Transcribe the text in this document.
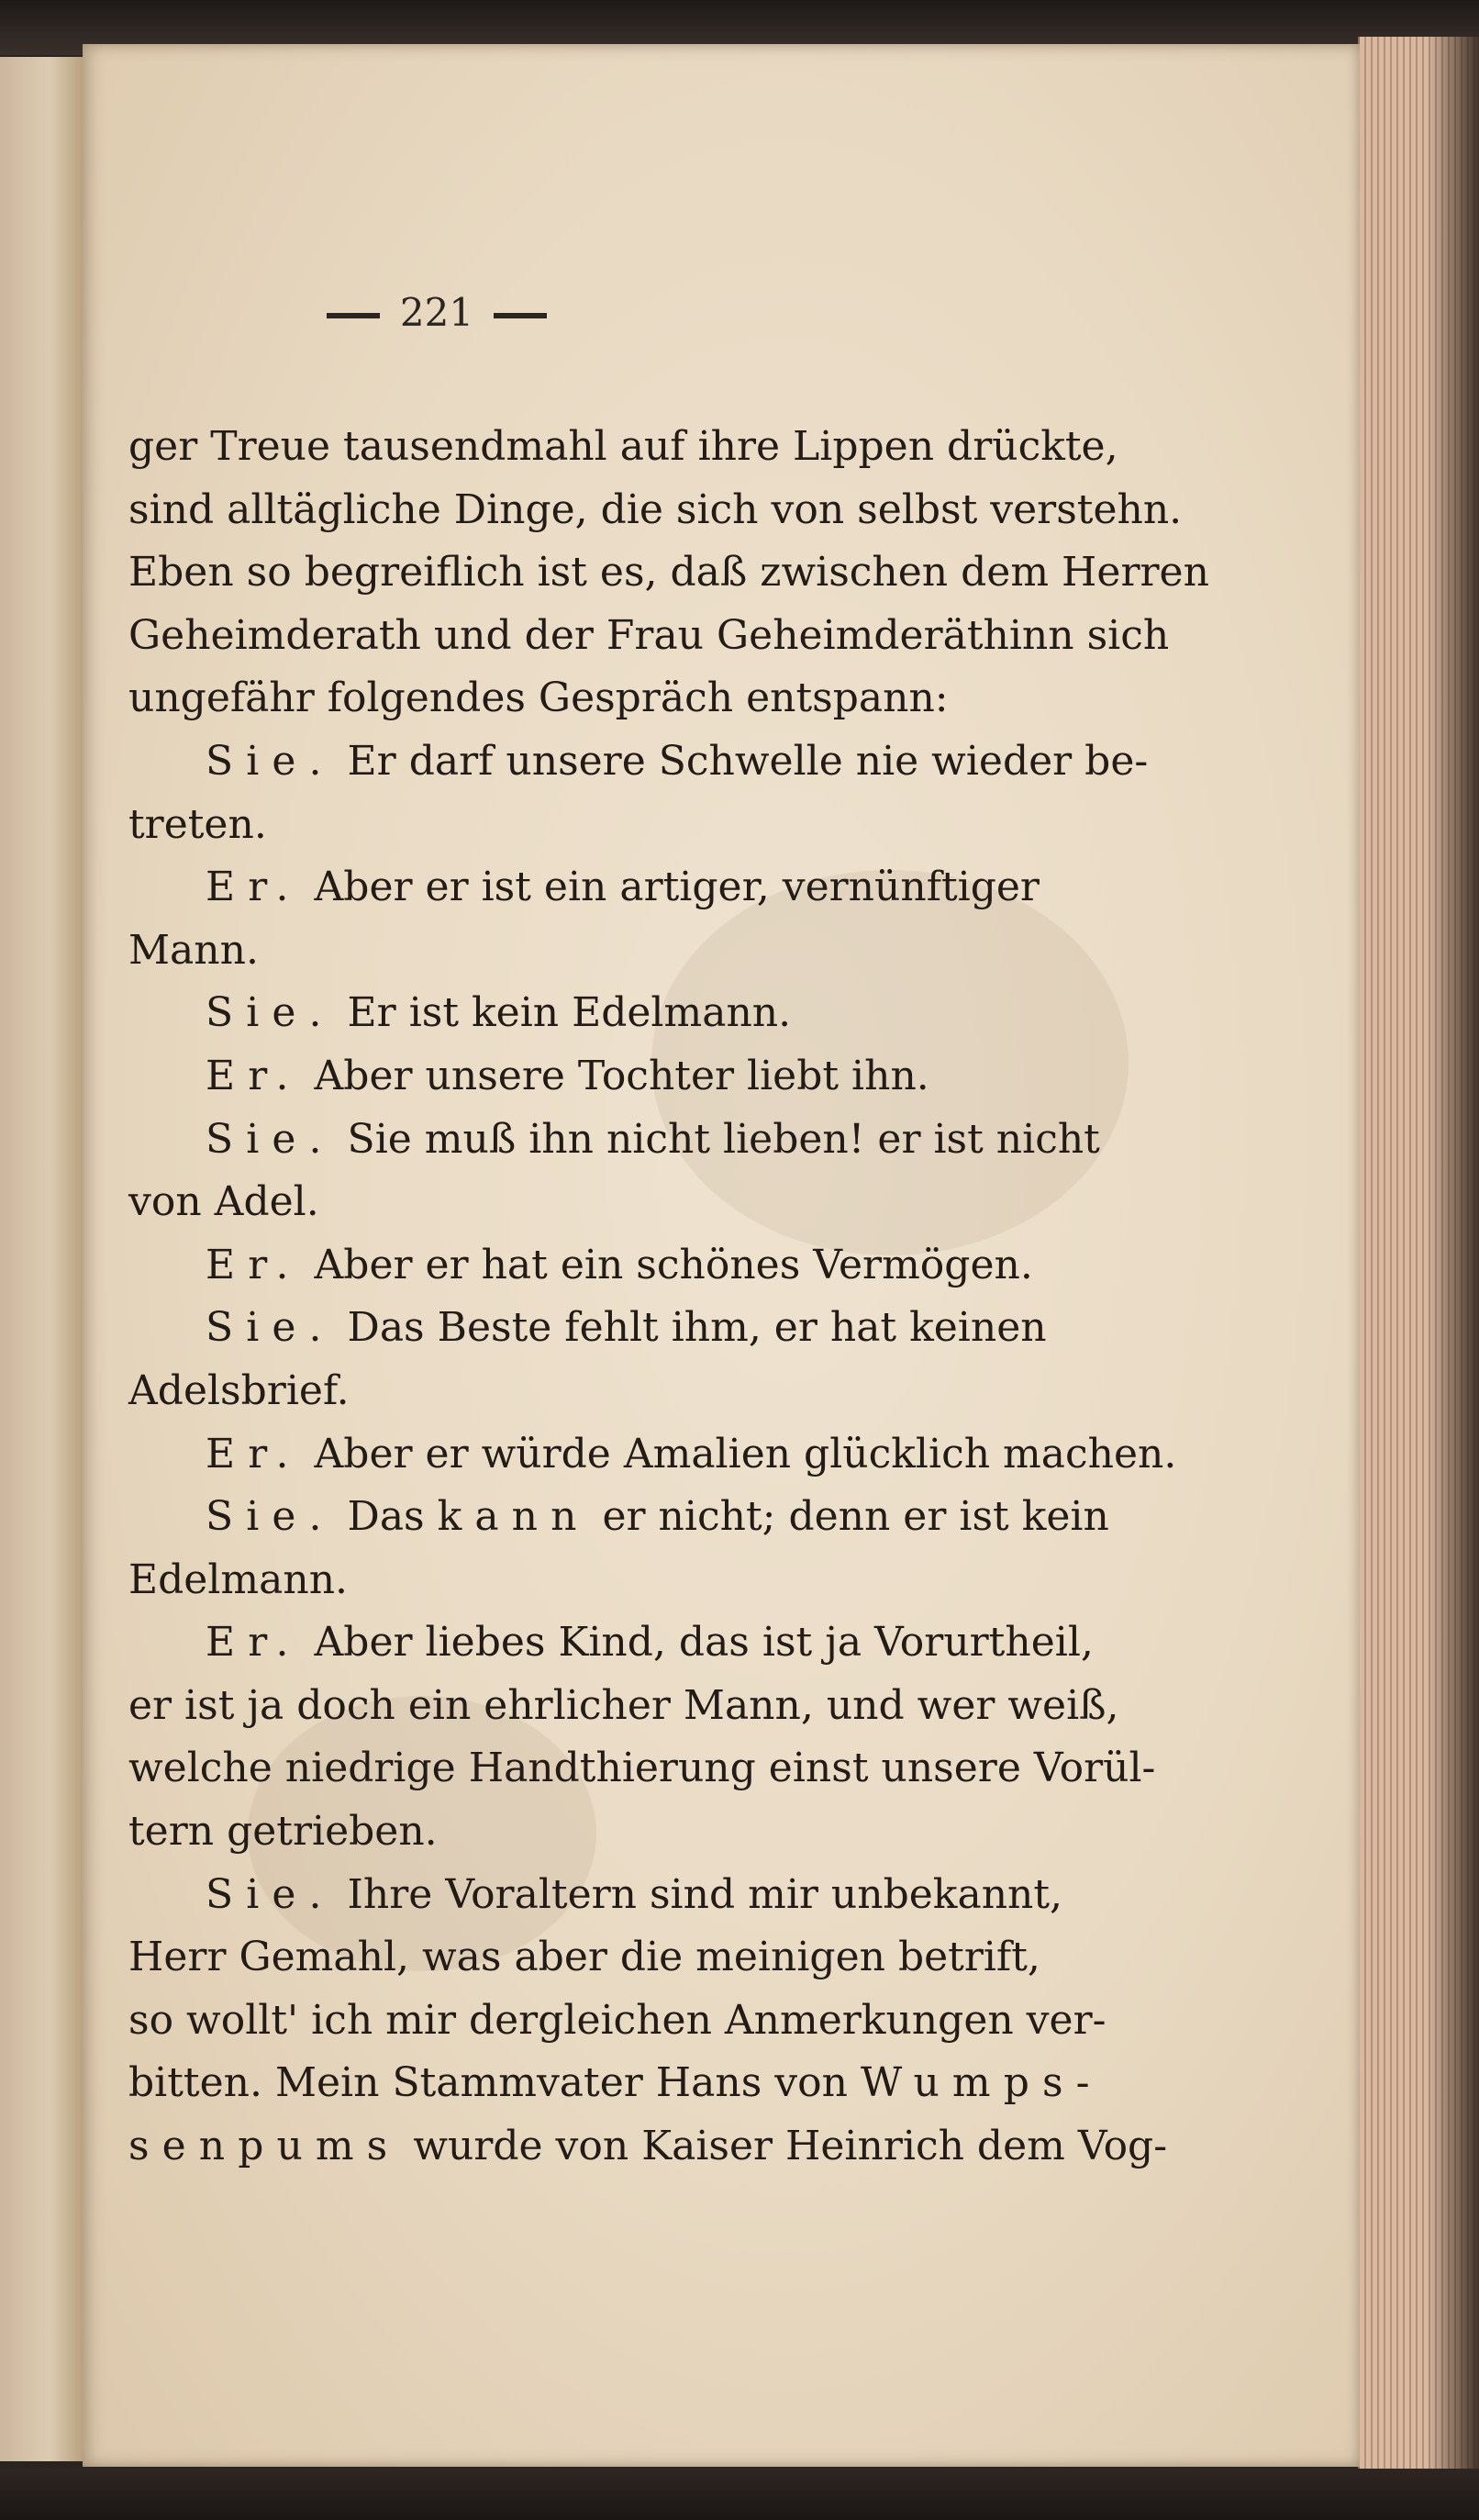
221
ger Treue tausendmahl auf ihre Lippen drückte,
sind alltägliche Dinge, die sich von selbst verstehn.
Eben so begreiflich ist es, daß zwischen dem Herren
Geheimderath und der Frau Geheimderäthinn sich
ungefähr folgendes Gespräch entspann:
Sie. Er darf unsere Schwelle nie wieder be-
treten.
Er. Aber er ist ein artiger, vernünftiger
Mann.
Sie. Er ist kein Edelmann.
Er. Aber unsere Tochter liebt ihn.
Sie. Sie muß ihn nicht lieben! er ist nicht
von Adel.
Er. Aber er hat ein schönes Vermögen.
Sie. Das Beste fehlt ihm, er hat keinen
Adelsbrief.
Er. Aber er würde Amalien glücklich machen.
Sie. Das kann er nicht; denn er ist kein
Edelmann.
Er. Aber liebes Kind, das ist ja Vorurtheil,
er ist ja doch ein ehrlicher Mann, und wer weiß,
welche niedrige Handthierung einst unsere Vorül-
tern getrieben.
Sie. Ihre Voraltern sind mir unbekannt,
Herr Gemahl, was aber die meinigen betrift,
so wollt' ich mir dergleichen Anmerkungen ver-
bitten. Mein Stammvater Hans von Wumps-
senpums wurde von Kaiser Heinrich dem Vog-
